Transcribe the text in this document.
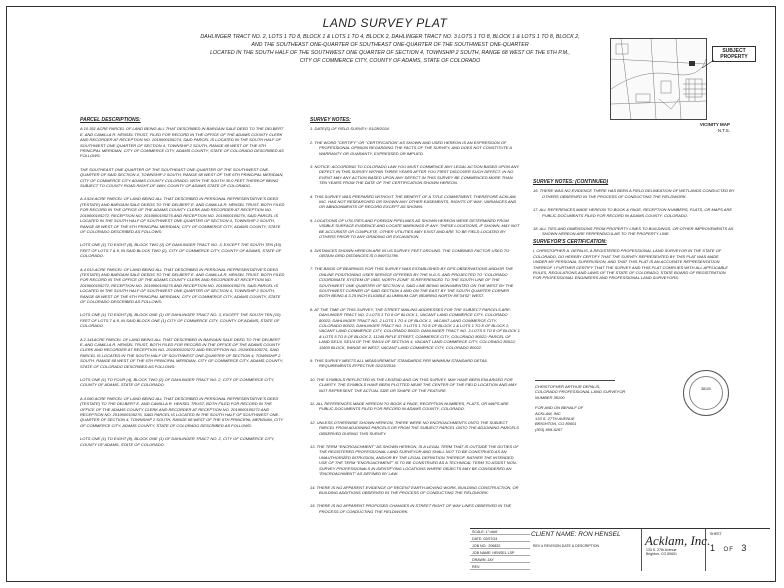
LAND SURVEY PLAT
DAHLINGER TRACT NO. 2, LOTS 1 TO 8, BLOCK 1 & LOTS 1 TO 4, BLOCK 2, DAHLINGER TRACT NO. 3 LOTS 1 TO 8, BLOCK 1 & LOTS 1 TO 8, BLOCK 2,
AND THE SOUTHEAST ONE-QUARTER OF SOUTHEAST ONE-QUARTER OF THE SOUTHWEST ONE-QUARTER
LOCATED IN THE SOUTH HALF OF THE SOUTHWEST ONE QUARTER OF SECTION 4, TOWNSHIP 2 SOUTH, RANGE 68 WEST OF THE 6TH P.M.,
CITY OF COMMERCE CITY, COUNTY OF ADAMS, STATE OF COLORADO
SUBJECT PROPERTY
VICINITY MAP
N.T.S.
PARCEL DESCRIPTIONS:

A 10.351 ACRE PARCEL OF LAND BEING ALL THAT DESCRIBED IN BARGAIN SALE DEED TO THE DELBERT E. AND CAMILLA R. HENSEL TRUST, FILED FOR RECORD IN THE OFFICE OF THE ADAMS COUNTY CLERK AND RECORDER AT RECEPTION NO. 2019000105274, SAID PARCEL IS LOCATED IN THE SOUTH HALF OF SOUTHWEST ONE-QUARTER OF SECTION 4, TOWNSHIP 2 SOUTH, RANGE 68 WEST OF THE 6TH PRINCIPAL MERIDIAN, CITY OF COMMERCE CITY, ADAMS COUNTY, STATE OF COLORADO DESCRIBED AS FOLLOWS:

THE SOUTHEAST ONE-QUARTER OF THE SOUTHEAST ONE-QUARTER OF THE SOUTHWEST ONE-QUARTER OF SAID SECTION 4, TOWNSHIP 2 SOUTH, RANGE 68 WEST OF THE 6TH PRINCIPAL MERIDIAN, CITY OF COMMERCE CITY ADAMS COUNTY COLORADO; WITH THE SOUTH 30.0 FEET THEREOF BEING SUBJECT TO COUNTY ROAD RIGHT-OF-WAY, COUNTY OF ADAMS STATE OF COLORADO.

A 4.524 ACRE PARCEL OF LAND BEING ALL THAT DESCRIBED IN PERSONAL REPRESENTATIVE'S DEED (TESTATE) AND BARGAIN SALE DEEDS TO THE DELBERT E. AND CAMILLA R. HENSEL TRUST, BOTH FILED FOR RECORD IN THE OFFICE OF THE ADAMS COUNTY CLERK AND RECORDER AT RECEPTION NO. 2019000105272, RECEPTION NO. 2019000105275 AND RECEPTION NO. 2019000105276, SAID PARCEL IS LOCATED IN THE SOUTH HALF OF SOUTHWEST ONE-QUARTER OF SECTION 4, TOWNSHIP 2 SOUTH, RANGE 68 WEST OF THE 6TH PRINCIPAL MERIDIAN, CITY OF COMMERCE CITY, ADAMS COUNTY, STATE OF COLORADO DESCRIBED AS FOLLOWS:

LOTS ONE (1) TO EIGHT (8), BLOCK TWO (2) OF DAHLINGER TRACT NO. 3, EXCEPT THE SOUTH TEN (10) FEET OF LOTS 7 & 8, IN SAID BLOCK TWO (2), CITY OF COMMERCE CITY, COUNTY OF ADAMS, STATE OF COLORADO.

A 4.013 ACRE PARCEL OF LAND BEING ALL THAT DESCRIBED IN PERSONAL REPRESENTATIVE'S DEED (TESTATE) AND BARGAIN SALE DEEDS TO THE DELBERT E. AND CAMILLA R. HENSEL TRUST, BOTH FILED FOR RECORD IN THE OFFICE OF THE ADAMS COUNTY CLERK AND RECORDER AT RECEPTION NO. 2019000105272, RECEPTION NO. 2019000105275 AND RECEPTION NO. 2019000105276, SAID PARCEL IS LOCATED IN THE SOUTH HALF OF SOUTHWEST ONE-QUARTER OF SECTION 4, TOWNSHIP 2 SOUTH, RANGE 68 WEST OF THE 6TH PRINCIPAL MERIDIAN, CITY OF COMMERCE CITY, ADAMS COUNTY, STATE OF COLORADO DESCRIBED AS FOLLOWS:

LOTS ONE (1) TO EIGHT (8), BLOCK ONE (1) OF DAHLINGER TRACT NO. 3, EXCEPT THE SOUTH TEN (10) FEET OF LOTS 7 & 8, IN SAID BLOCK ONE (1) CITY OF COMMERCE CITY, COUNTY OF ADAMS, STATE OF COLORADO.

A 2.141ACRE PARCEL OF LAND BEING ALL THAT DESCRIBED IN BARGAIN SALE DEED TO THE DELBERT E. AND CAMILLA R. HENSEL TRUST, BOTH FILED FOR RECORD IN THE OFFICE OF THE ADAMS COUNTY CLERK AND RECORDER AT RECEPTION NO. 2019000105272 AND RECEPTION NO. 2019000105276, SAID PARCEL IS LOCATED IN THE SOUTH HALF OF SOUTHWEST ONE-QUARTER OF SECTION 4, TOWNSHIP 2 SOUTH, RANGE 68 WEST OF THE 6TH PRINCIPAL MERIDIAN, CITY OF COMMERCE CITY, ADAMS COUNTY, STATE OF COLORADO DESCRIBED AS FOLLOWS:

LOTS ONE (1) TO FOUR (4), BLOCK TWO (2) OF DAHLINGER TRACT NO. 2, CITY OF COMMERCE CITY, COUNTY OF ADAMS, STATE OF COLORADO.

A 4.060 ACRE PARCEL OF LAND BEING ALL THAT DESCRIBED IN PERSONAL REPRESENTATIVE'S DEED (TESTATE) TO THE DELBERT E. AND CAMILLA R. HENSEL TRUST, BOTH FILED FOR RECORD IN THE OFFICE OF THE ADAMS COUNTY CLERK AND RECORDER AT RECEPTION NO. 2019000105272 AND RECEPTION NO. 2019000105276, SAID PARCEL IS LOCATED IN THE SOUTH HALF OF SOUTHWEST ONE-QUARTER OF SECTION 4, TOWNSHIP 2 SOUTH, RANGE 68 WEST OF THE 6TH PRINCIPAL MERIDIAN, CITY OF COMMERCE CITY, ADAMS COUNTY, STATE OF COLORADO DESCRIBED AS FOLLOWS:

LOTS ONE (1) TO EIGHT (8), BLOCK ONE (1) OF DAHLINGER TRACT NO. 2, CITY OF COMMERCE CITY, COUNTY OF ADAMS, STATE OF COLORADO.

SURVEY NOTES:

1. DATE(S) OF FIELD SURVEY: 01/28/2024

2. THE WORD "CERTIFY" OR "CERTIFICATION" AS SHOWN AND USED HEREON IS AN EXPRESSION OF PROFESSIONAL OPINION REGARDING THE FACTS OF THE SURVEY, AND DOES NOT CONSTITUTE A WARRANTY OR GUARANTY, EXPRESSED OR IMPLIED.

3. NOTICE: ACCORDING TO COLORADO LAW YOU MUST COMMENCE ANY LEGAL ACTION BASED UPON ANY DEFECT IN THIS SURVEY WITHIN THREE YEARS AFTER YOU FIRST DISCOVER SUCH DEFECT. IN NO EVENT MAY ANY ACTION BASED UPON ANY DEFECT IN THIS SURVEY BE COMMENCED MORE THAN TEN YEARS FROM THE DATE OF THE CERTIFICATION SHOWN HEREON.

4. THIS SURVEY WAS PREPARED WITHOUT THE BENEFIT OF A TITLE COMMITMENT, THEREFORE ACKLAM, INC. HAS NOT RESEARCHED OR SHOWN ANY OTHER EASEMENTS, RIGHTS OF WAY, VARIANCES AND OR ABNDONMENTS OF RECORD EXCEPT AS SHOWN.

5. LOCATIONS OF UTILITIES AND FOREIGN PIPELINES AS SHOWN HEREON WERE DETERMINED FROM VISIBLE SURFACE EVIDENCE AND LOCATE MARKINGS IF ANY. THESE LOCATIONS, IF SHOWN, MAY NOT BE ACCURATE OR COMPLETE. OTHER UTILITIES MAY EXIST AND ARE TO BE FIELD LOCATED BY OTHERS PRIOR TO ANY GRADING OR EXCAVATION.

6. DISTANCES SHOWN HEREON ARE IN US SURVEY FEET GROUND. THE COMBINED FACTOR USED TO OBTAIN GRID DISTANCES IS 0.999731786.

7. THE BASIS OF BEARINGS FOR THIS SURVEY WAS ESTABLISHED BY GPS OBSERVATIONS AND/OR THE ONLINE POSITIONING USER SERVICE OFFERED BY THE N.G.S. AND PROJECTED TO "COLORADO COORDINATE SYSTEM OF 1983, NORTH ZONE" IS REFERENCED TO THE SOUTH LINE OF THE SOUTHWEST ONE QUARTER OF SECTION 4, SAID LINE BEING MONUMENTED ON THE WEST BY THE SOUTHWEST CORNER OF SAID SECTION 4 AND ON THE EAST BY THE SOUTH QUARTER CORNER BOTH BEING A 3.25 INCH ELIGIBLE ALUMINUM CAP, BEARING NORTH 89°34'02" WEST.

8. AT THE TIME OF THIS SURVEY, THE STREET MAILING ADDRESSES FOR THE SUBJECT PARCELS ARE: DAHLINGER TRACT NO. 2 LOTS 1 TO 8 OF BLOCK 1, VACANT LAND COMMERCE CITY, COLORADO 80022; DAHLINGER TRACT NO. 2 LOTS 1 TO 4 OF BLOCK 2, VACANT LAND COMMERCE CITY, COLORADO 80022; DAHLINGER TRACT NO. 3 LOTS 1 TO 8 OF BLOCK 1 & LOTS 1 TO 8 OF BLOCK 2, VACANT LAND COMMERCE CITY, COLORADO 80022; DAHLINGER TRACT NO. 3 LOTS 5 TO 8 OF BLOCK 1 & LOTS 5 TO 8 OF BLOCK 2, 11245 RIFLE STREET, COMMERCE CITY, COLORADO 80022; PARCEL OF LAND SE1/4, SE1/4 OF THE SW1/4 OF SECTION 4, VACANT LAND COMMERCE CITY, COLORADO 80022; 11600 BLOCK, RANGE 68 WEST, VACANT LAND COMMERCE CITY, COLORADO 80022.

9. THIS SURVEY MEETS ALL MEASUREMENT STANDARDS PER MINIMUM STANDARD DETAIL REQUIREMENTS EFFECTIVE 02/23/2016.

10. THE SYMBOLS REFLECTED IN THE LEGEND AND ON THIS SURVEY, MAY HAVE BEEN ENLARGED FOR CLARITY. THE SYMBOLS HAVE BEEN PLOTTED NEAR THE CENTER OF THE FIELD LOCATION AND MAY NOT REPRESENT THE ACTUAL SIZE OR SHAPE OF THE FEATURE.

11. ALL REFERENCES MADE HEREON TO BOOK & PAGE, RECEPTION NUMBERS, PLATS, OR MAPS ARE PUBLIC DOCUMENTS FILED FOR RECORD IN ADAMS COUNTY, COLORADO.

12. UNLESS OTHERWISE SHOWN HEREON, THERE WERE NO ENCROACHMENTS ONTO THE SUBJECT PARCEL FROM ADJOINING PARCELS OR FROM THE SUBJECT PARCEL ONTO THE ADJOINING PARCELS OBSERVED DURING THIS SURVEY.

13. THE TERM "ENCROACHMENT" AS SHOWN HEREON, IS A LEGAL TERM THAT IS OUTSIDE THE DUTIES OF THE REGISTERED PROFESSIONAL LAND SURVEYOR AND SHALL NOT TO BE CONSTRUED AS AN UNAUTHORIZED INTRUSION, AND/OR BY THE LEGAL DEFINITION THEREOF. RATHER THE INTENDED USE OF THE TERM "ENCROACHMENT" IS TO BE CONSTRUED AS A TECHNICAL TERM TO ASSIST NON-SURVEY PROFESSIONALS IN IDENTIFYING LOCATIONS WHERE OBJECTS MAY BE CONSIDERED AN "ENCROACHMENT" AS DEFINED BY LAW.

14. THERE IS NO APPARENT EVIDENCE OF RECENT EARTH-MOVING WORK, BUILDING CONSTRUCTION, OR BUILDING ADDITIONS OBSERVED IN THE PROCESS OF CONDUCTING THE FIELDWORK.

15. THERE IS NO APPARENT PROPOSED CHANGES IN STREET RIGHT OF WAY LINES OBSERVED IN THE PROCESS OF CONDUCTING THE FIELDWORK.

SURVEY NOTES: (CONTINUED)

16. THERE WAS NO EVIDENCE THERE HAS BEEN A FIELD DELINEATION OF WETLANDS CONDUCTED BY OTHERS OBSERVED IN THE PROCESS OF CONDUCTING THE FIELDWORK.

17. ALL REFERENCES MADE HEREON TO BOOK & PAGE, RECEPTION NUMBERS, PLATS, OR MAPS ARE PUBLIC DOCUMENTS FILED FOR RECORD IN ADAMS COUNTY, COLORADO.

18. ALL TIES AND DIMENSIONS FROM PROPERTY LINES TO BUILDINGS, OR OTHER IMPROVEMENTS AS SHOWN HEREON ARE PERPENDICULAR TO THE PROPERTY LINE.

SURVEYOR'S CERTIFICATION:

I, CHRISTOPHER A. DEPALIS, A REGISTERED PROFESSIONAL LAND SURVEYOR IN THE STATE OF COLORADO, DO HEREBY CERTIFY THAT THE SURVEY REPRESENTED BY THIS PLAT WAS MADE UNDER MY PERSONAL SUPERVISION, AND THAT THIS PLAT IS AN ACCURATE REPRESENTATION THEREOF. I FURTHER CERTIFY THAT THE SURVEY AND THIS PLAT COMPLIES WITH ALL APPLICABLE RULES, REGULATIONS AND LAWS OF THE STATE OF COLORADO, STATE BOARD OF REGISTRATION FOR PROFESSIONAL ENGINEERS AND PROFESSIONAL LAND SURVEYORS.

CHRISTOPHER ARTHUR DEPALIS,
COLORADO PROFESSIONAL LAND SURVEYOR
NUMBER 38100
FOR AND ON BEHALF OF
ACKLAM, INC.
133 S. 27TH AVENUE
BRIGHTON, CO 80601
(303) 659-6267
38100
SCALE: 1"=###'
DATE: 02/07/24
JOB NO.: 206832
JOB NAME: HENSEL LSP
DRAWN: JAY
REV:
CLIENT NAME: RON HENSEL
REV # REVISION DATE & DESCRIPTION	Acklam, Inc.
133 S. 27th Avenue
Brighton, CO 80601
SHEET
1 OF 3
